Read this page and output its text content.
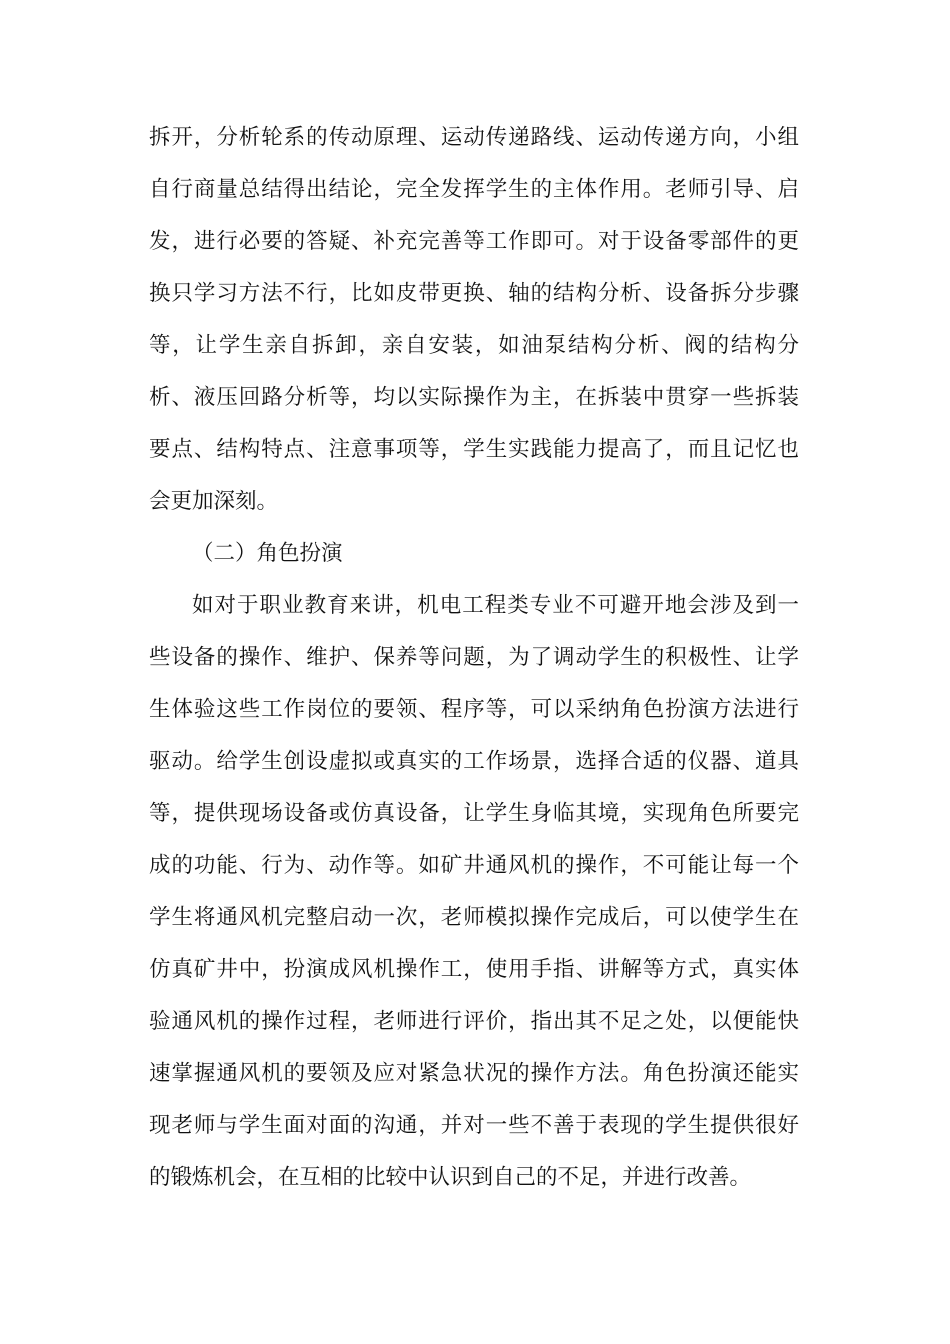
拆开，分析轮系的传动原理、运动传递路线、运动传递方向，小组
自行商量总结得出结论，完全发挥学生的主体作用。老师引导、启
发，进行必要的答疑、补充完善等工作即可。对于设备零部件的更
换只学习方法不行，比如皮带更换、轴的结构分析、设备拆分步骤
等，让学生亲自拆卸，亲自安装，如油泵结构分析、阀的结构分
析、液压回路分析等，均以实际操作为主，在拆装中贯穿一些拆装
要点、结构特点、注意事项等，学生实践能力提高了，而且记忆也
会更加深刻。
（二）角色扮演
如对于职业教育来讲，机电工程类专业不可避开地会涉及到一
些设备的操作、维护、保养等问题，为了调动学生的积极性、让学
生体验这些工作岗位的要领、程序等，可以采纳角色扮演方法进行
驱动。给学生创设虚拟或真实的工作场景，选择合适的仪器、道具
等，提供现场设备或仿真设备，让学生身临其境，实现角色所要完
成的功能、行为、动作等。如矿井通风机的操作，不可能让每一个
学生将通风机完整启动一次，老师模拟操作完成后，可以使学生在
仿真矿井中，扮演成风机操作工，使用手指、讲解等方式，真实体
验通风机的操作过程，老师进行评价，指出其不足之处，以便能快
速掌握通风机的要领及应对紧急状况的操作方法。角色扮演还能实
现老师与学生面对面的沟通，并对一些不善于表现的学生提供很好
的锻炼机会，在互相的比较中认识到自己的不足，并进行改善。
